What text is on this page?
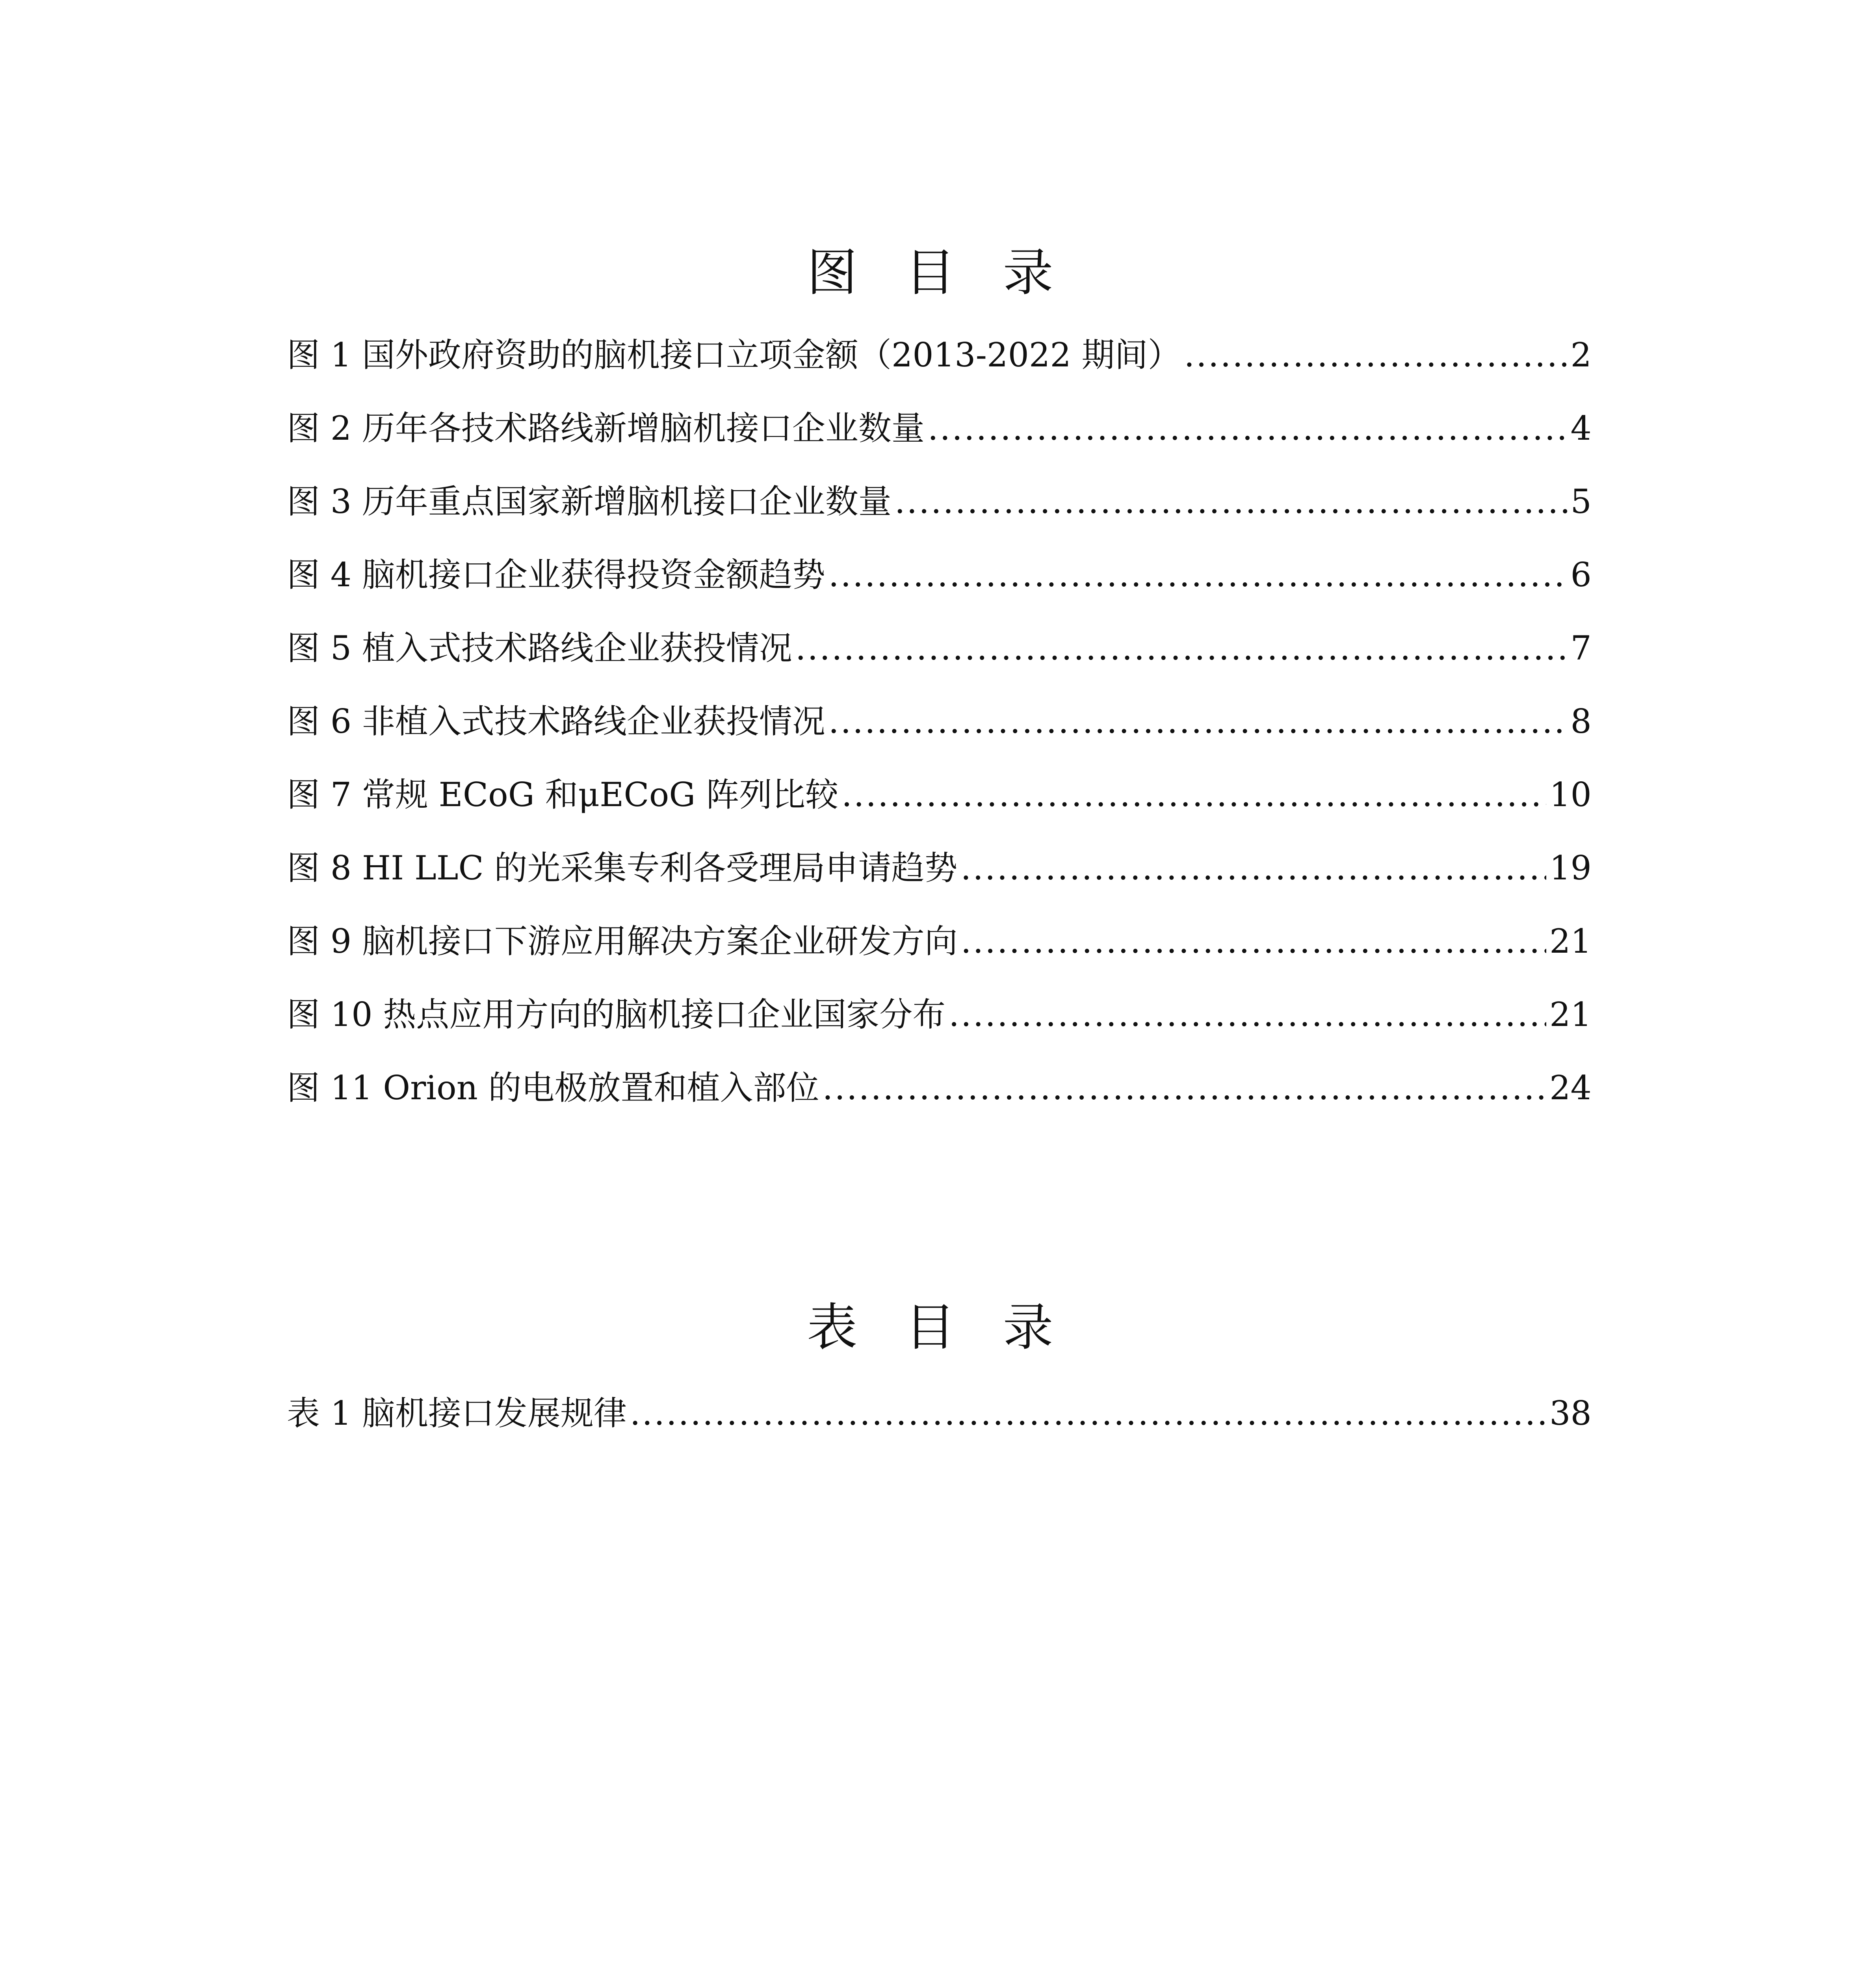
图 目 录
图 1 国外政府资助的脑机接口立项金额（2013-2022 期间） .....	2
图 2 历年各技术路线新增脑机接口企业数量 .....	4
图 3 历年重点国家新增脑机接口企业数量 .....	5
图 4 脑机接口企业获得投资金额趋势 .....	6
图 5 植入式技术路线企业获投情况 .....	7
图 6 非植入式技术路线企业获投情况 .....	8
图 7 常规 ECoG 和μECoG 阵列比较 .....	10
图 8 HI LLC 的光采集专利各受理局申请趋势 .....	19
图 9 脑机接口下游应用解决方案企业研发方向 .....	21
图 10 热点应用方向的脑机接口企业国家分布 .....	21
图 11 Orion 的电极放置和植入部位 .....	24
表 目 录
表 1 脑机接口发展规律 .....	38
